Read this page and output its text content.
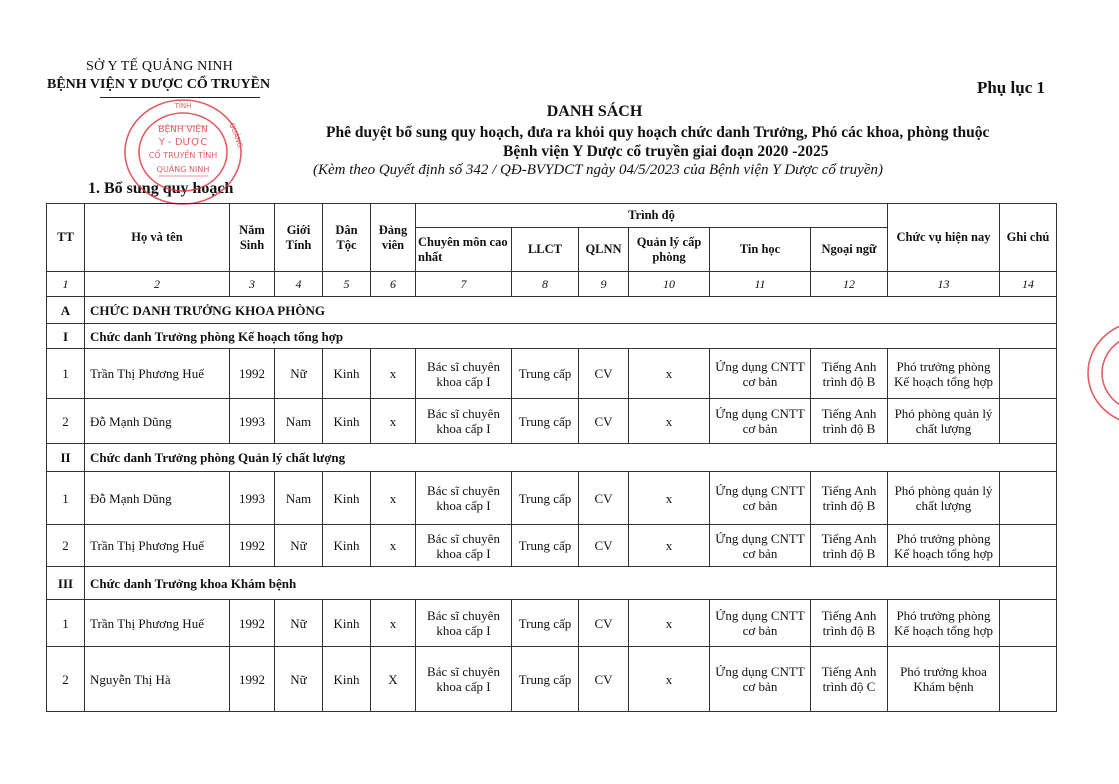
SỞ Y TẾ QUẢNG NINH
BỆNH VIỆN Y DƯỢC CỔ TRUYỀN	Phụ lục 1
DANH SÁCH
Phê duyệt bổ sung quy hoạch, đưa ra khỏi quy hoạch chức danh Trưởng, Phó các khoa, phòng thuộc
Bệnh viện Y Dược cổ truyền giai đoạn 2020 -2025
(Kèm theo Quyết định số 342 / QĐ-BVYDCT ngày 04/5/2023 của Bệnh viện Y Dược cổ truyền)
1. Bổ sung quy hoạch
TỈNH
BỆNH VIỆN
Y - DƯỢC
CỔ TRUYỀN TỈNH
QUẢNG NINH
QUẢNG
TT	Họ và tên	Năm Sinh	Giới Tính	Dân Tộc	Đảng viên	Trình độ						Chức vụ hiện nay	Ghi chú
						Chuyên môn cao nhất	LLCT	QLNN	Quản lý cấp phòng	Tin học	Ngoại ngữ		
1	2	3	4	5	6	7	8	9	10	11	12	13	14
A	CHỨC DANH TRƯỞNG KHOA PHÒNG												
I	Chức danh Trưởng phòng Kế hoạch tổng hợp												
1	Trần Thị Phương Huế	1992	Nữ	Kinh	x	Bác sĩ chuyên khoa cấp I	Trung cấp	CV	x	Ứng dụng CNTT cơ bản	Tiếng Anh trình độ B	Phó trưởng phòng Kế hoạch tổng hợp	
2	Đỗ Mạnh Dũng	1993	Nam	Kinh	x	Bác sĩ chuyên khoa cấp I	Trung cấp	CV	x	Ứng dụng CNTT cơ bản	Tiếng Anh trình độ B	Phó phòng quản lý chất lượng	
II	Chức danh Trưởng phòng Quản lý chất lượng												
1	Đỗ Mạnh Dũng	1993	Nam	Kinh	x	Bác sĩ chuyên khoa cấp I	Trung cấp	CV	x	Ứng dụng CNTT cơ bản	Tiếng Anh trình độ B	Phó phòng quản lý chất lượng	
2	Trần Thị Phương Huế	1992	Nữ	Kinh	x	Bác sĩ chuyên khoa cấp I	Trung cấp	CV	x	Ứng dụng CNTT cơ bản	Tiếng Anh trình độ B	Phó trưởng phòng Kế hoạch tổng hợp	
III	Chức danh Trưởng khoa Khám bệnh												
1	Trần Thị Phương Huế	1992	Nữ	Kinh	x	Bác sĩ chuyên khoa cấp I	Trung cấp	CV	x	Ứng dụng CNTT cơ bản	Tiếng Anh trình độ B	Phó trưởng phòng Kế hoạch tổng hợp	
2	Nguyễn Thị Hà	1992	Nữ	Kinh	X	Bác sĩ chuyên khoa cấp I	Trung cấp	CV	x	Ứng dụng CNTT cơ bản	Tiếng Anh trình độ C	Phó trưởng khoa Khám bệnh	
